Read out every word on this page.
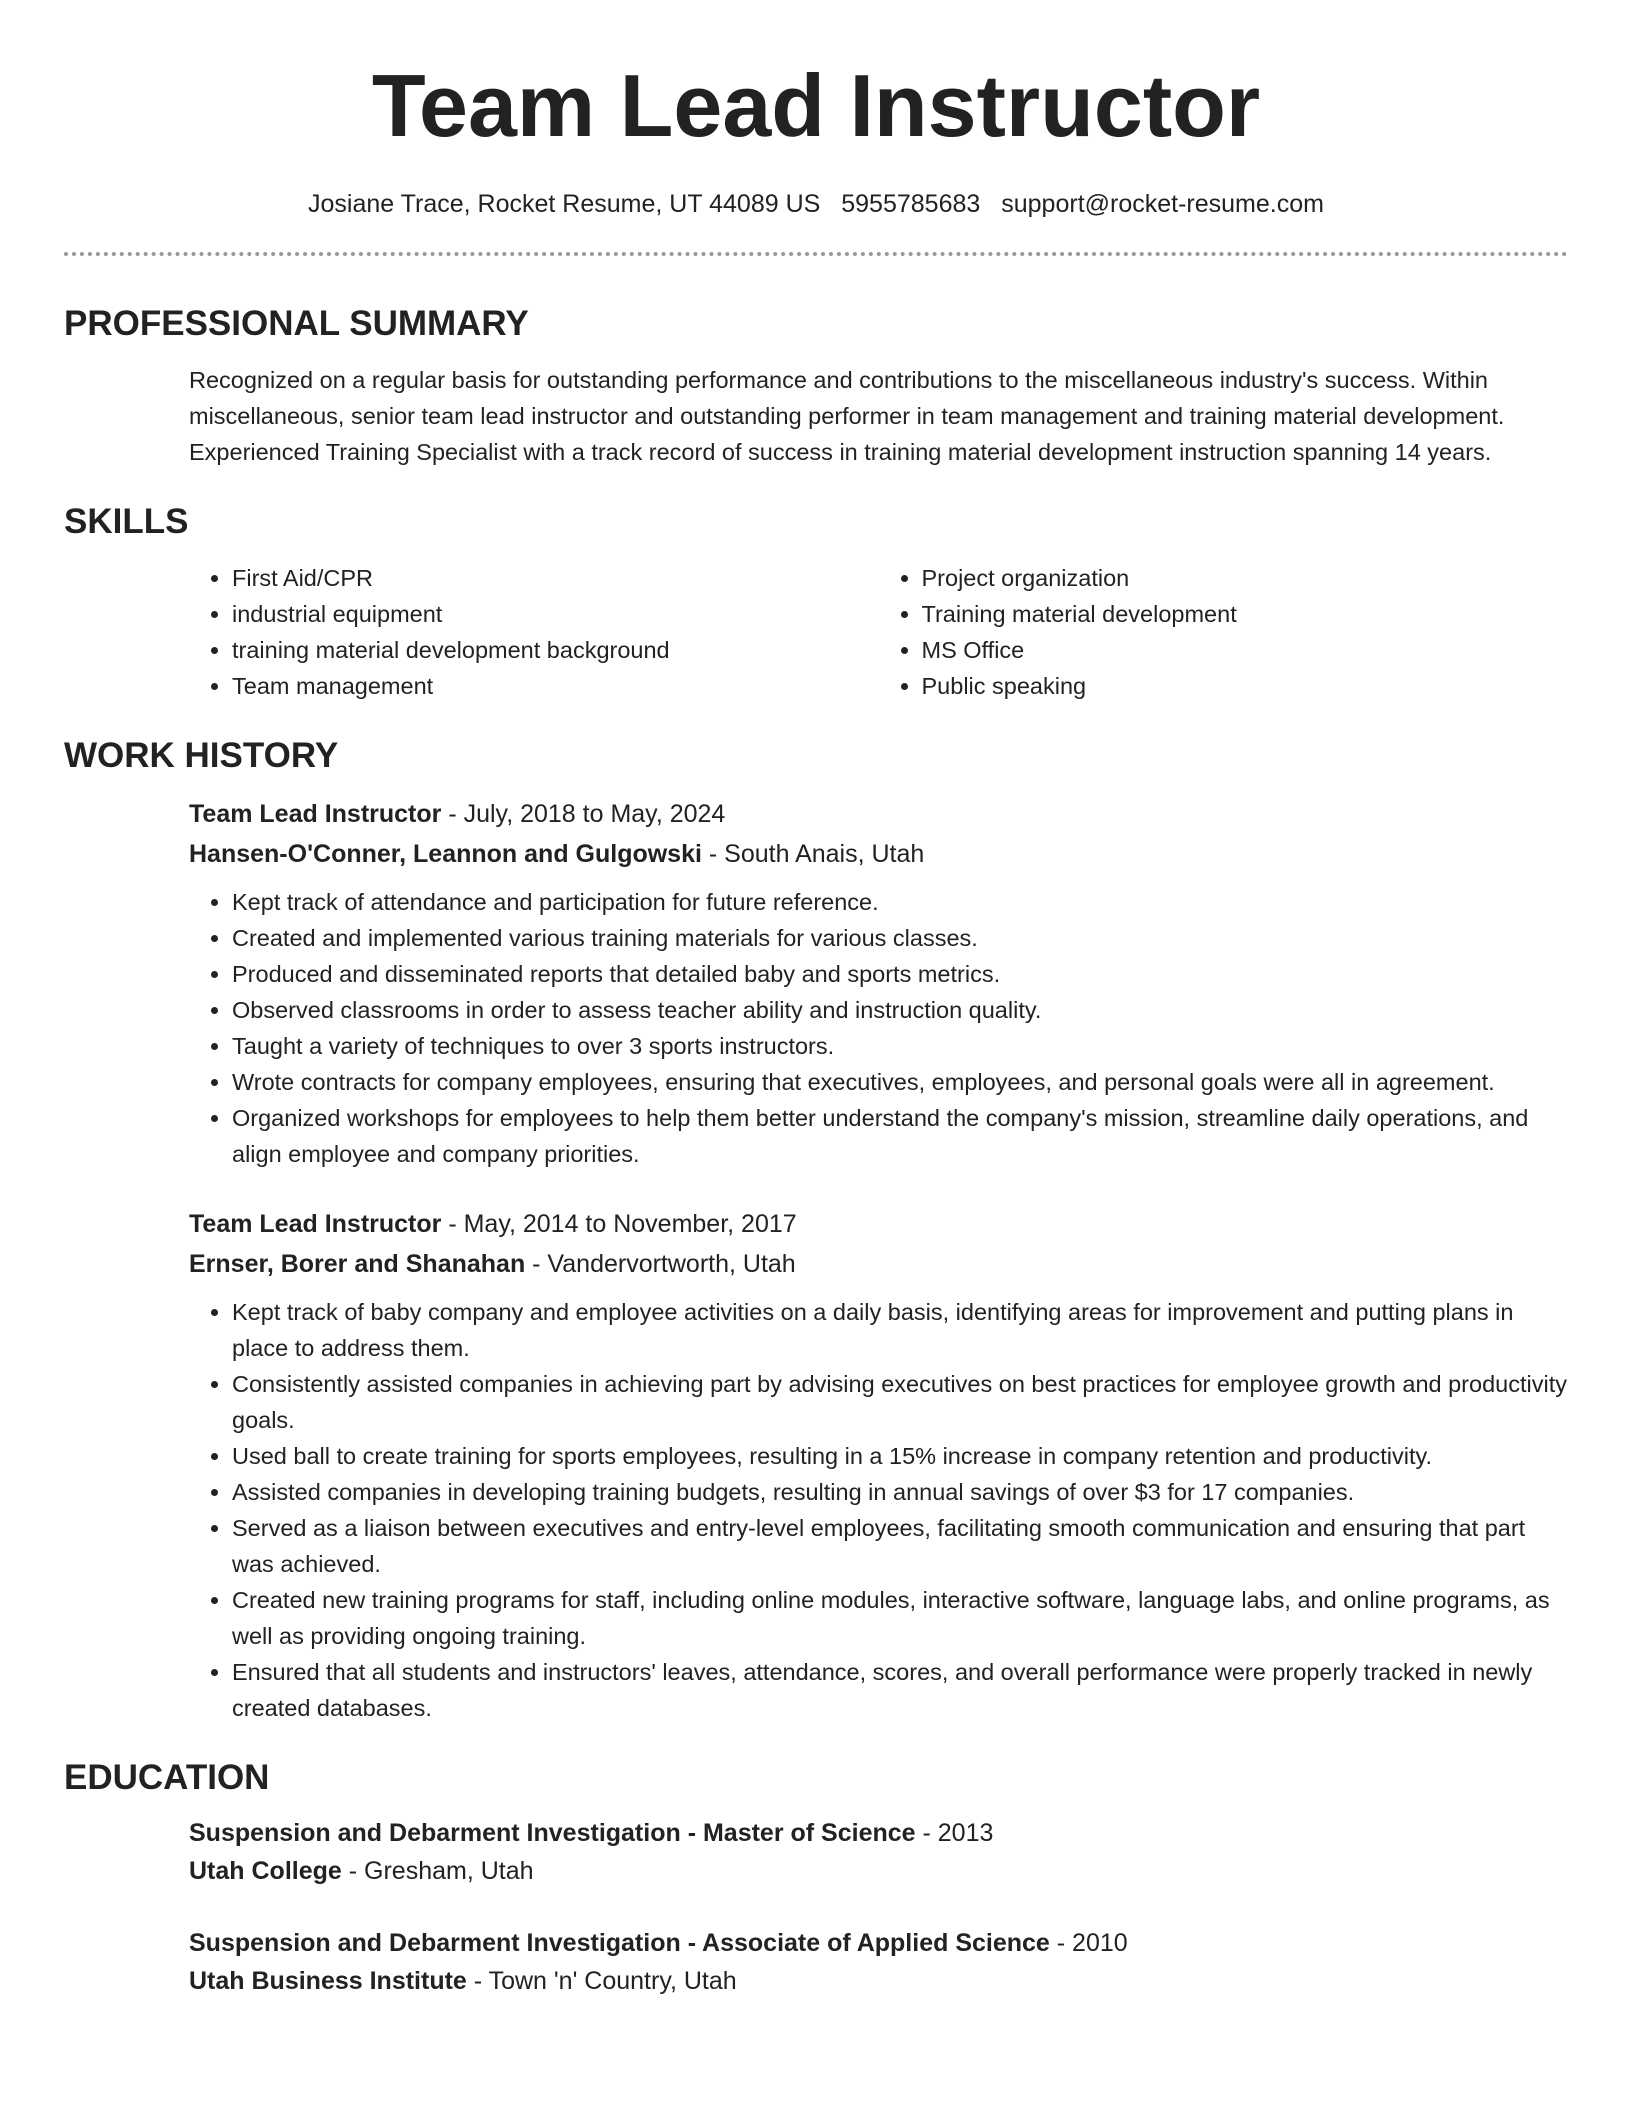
Team Lead Instructor
Josiane Trace, Rocket Resume, UT 44089 US 5955785683 support@rocket-resume.com
PROFESSIONAL SUMMARY

Recognized on a regular basis for outstanding performance and contributions to the miscellaneous industry's success. Within miscellaneous, senior team lead instructor and outstanding performer in team management and training material development. Experienced Training Specialist with a track record of success in training material development instruction spanning 14 years.

SKILLS
• First Aid/CPR
• industrial equipment
• training material development background
• Team management
• Project organization
• Training material development
• MS Office
• Public speaking
WORK HISTORY
Team Lead Instructor - July, 2018 to May, 2024
Hansen-O'Conner, Leannon and Gulgowski - South Anais, Utah
• Kept track of attendance and participation for future reference.
• Created and implemented various training materials for various classes.
• Produced and disseminated reports that detailed baby and sports metrics.
• Observed classrooms in order to assess teacher ability and instruction quality.
• Taught a variety of techniques to over 3 sports instructors.
• Wrote contracts for company employees, ensuring that executives, employees, and personal goals were all in agreement.
• Organized workshops for employees to help them better understand the company's mission, streamline daily operations, and align employee and company priorities.
Team Lead Instructor - May, 2014 to November, 2017
Ernser, Borer and Shanahan - Vandervortworth, Utah
• Kept track of baby company and employee activities on a daily basis, identifying areas for improvement and putting plans in place to address them.
• Consistently assisted companies in achieving part by advising executives on best practices for employee growth and productivity goals.
• Used ball to create training for sports employees, resulting in a 15% increase in company retention and productivity.
• Assisted companies in developing training budgets, resulting in annual savings of over $3 for 17 companies.
• Served as a liaison between executives and entry-level employees, facilitating smooth communication and ensuring that part was achieved.
• Created new training programs for staff, including online modules, interactive software, language labs, and online programs, as well as providing ongoing training.
• Ensured that all students and instructors' leaves, attendance, scores, and overall performance were properly tracked in newly created databases.
EDUCATION
Suspension and Debarment Investigation - Master of Science - 2013
Utah College - Gresham, Utah
Suspension and Debarment Investigation - Associate of Applied Science - 2010
Utah Business Institute - Town 'n' Country, Utah
